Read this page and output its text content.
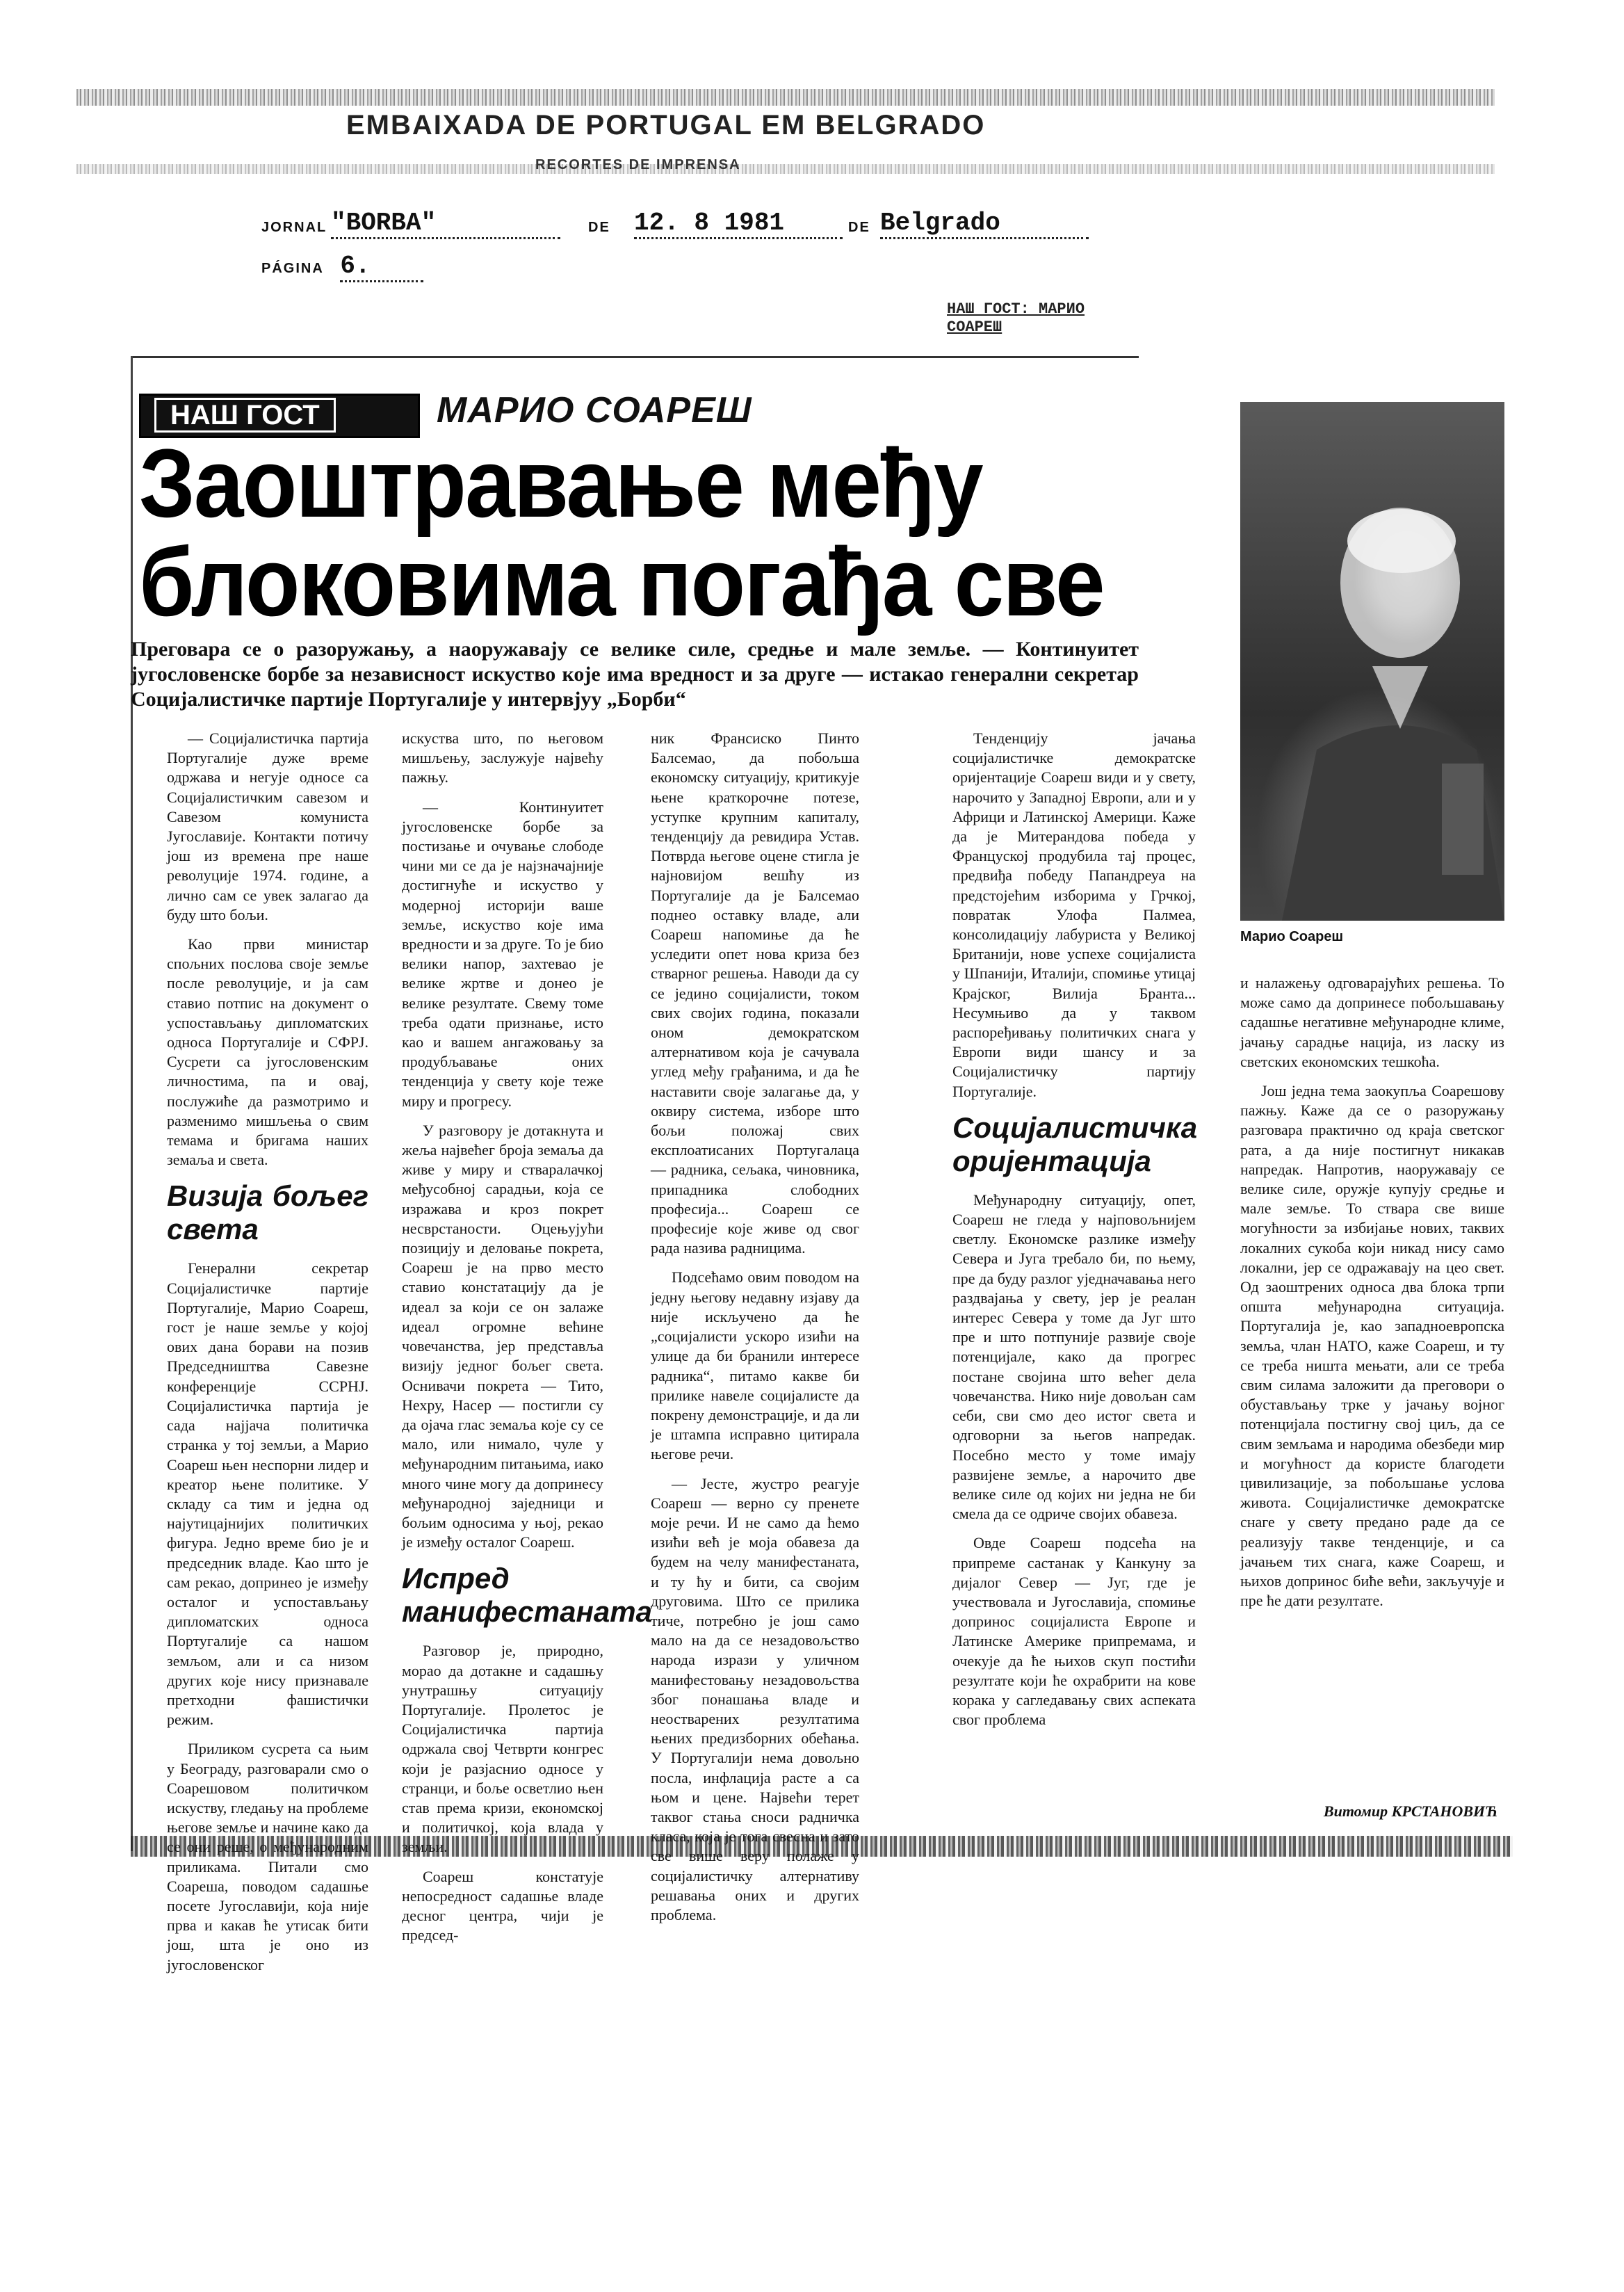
EMBAIXADA DE PORTUGAL EM BELGRADO
RECORTES DE IMPRENSA
JORNAL "BORBA"	DE 12. 8 1981	DE Belgrado
PÁGINA 6.
НАШ ГОСТ: МАРИО СОАРЕШ
НАШ ГОСТ	МАРИО СОАРЕШ
Заоштравање међу
блоковима погађа све
Марио Соареш
Преговара се о разоружању, а наоружавају се велике силе, средње и мале земље. — Континуитет југословенске борбе за независност искуство које има вредност и за друге — истакао генерални секретар Социјалистичке партије Португалије у интервјуу „Борби“

— Социјалистичка партија Португалије дуже време одржава и негује односе са Социјалистичким савезом и Савезом комуниста Југославије. Контакти потичу још из времена пре наше револуције 1974. године, а лично сам се увек залагао да буду што бољи.

Као први министар спољних послова своје земље после револуције, и ја сам ставио потпис на документ о успостављању дипломатских односа Португалије и СФРЈ. Сусрети са југословенским личностима, па и овај, послужиће да размотримо и разменимо мишљења о свим темама и бригама наших земаља и света.

Визија бољег света

Генерални секретар Социјалистичке партије Португалије, Марио Соареш, гост је наше земље у којој ових дана борави на позив Председништва Савезне конференције ССРНЈ. Социјалистичка партија је сада најјача политичка странка у тој земљи, а Марио Соареш њен неспорни лидер и креатор њене политике. У складу са тим и једна од најутицајнијих политичких фигура. Једно време био је и председник владе. Као што је сам рекао, допринео је између осталог и успостављању дипломатских односа Португалије са нашом земљом, али и са низом других које нису признавале претходни фашистички режим.

Приликом сусрета са њим у Београду, разговарали смо о Соарешовом политичком искуству, гледању на проблеме његове земље и начине како да се они реше, о међународним приликама. Питали смо Соареша, поводом садашње посете Југославији, која није прва и какав ће утисак бити још, шта је оно из југословенског

искуства што, по његовом мишљењу, заслужује највећу пажњу.

— Континуитет југословенске борбе за постизање и очување слободе чини ми се да је најзначајније достигнуће и искуство у модерној историји ваше земље, искуство које има вредности и за друге. То је био велики напор, захтевао је велике жртве и донео је велике резултате. Свему томе треба одати признање, исто као и вашем ангажовању за продубљавање оних тенденција у свету које теже миру и прогресу.

У разговору је дотакнута и жеља највећег броја земаља да живе у миру и стваралачкој међусобној сарадњи, која се изражава и кроз покрет несврстаности. Оцењујући позицију и деловање покрета, Соареш је на прво место ставио констатацију да је идеал за који се он залаже идеал огромне већине човечанства, јер представља визију једног бољег света. Оснивачи покрета — Тито, Нехру, Насер — постигли су да ојача глас земаља које су се мало, или нимало, чуле у међународним питањима, иако много чине могу да допринесу међународној заједници и бољим односима у њој, рекао је између осталог Соареш.

Испред манифестаната

Разговор је, природно, морао да дотакне и садашњу унутрашњу ситуацију Португалије. Пролетос је Социјалистичка партија одржала свој Четврти конгрес који је разјаснио односе у странци, и боље осветлио њен став према кризи, економској и политичкој, која влада у земљи.

Соареш констатује непосредност садашње владе десног центра, чији је председ-

ник Франсиско Пинто Балсемао, да побољша економску ситуацију, критикује њене краткорочне потезе, уступке крупним капиталу, тенденцију да ревидира Устав. Потврда његове оцене стигла је најновијом вешћу из Португалије да је Балсемао поднео оставку владе, али Соареш напомиње да ће уследити опет нова криза без стварног решења. Наводи да су се једино социјалисти, током свих својих година, показали оном демократском алтернативом која је сачувала углед међу грађанима, и да ће наставити своје залагање да, у оквиру система, изборе што бољи положај свих експлоатисаних Португалаца — радника, сељака, чиновника, припадника слободних професија... Соареш се професије које живе од свог рада назива радницима.

Подсећамо овим поводом на једну његову недавну изјаву да није искључено да ће „социјалисти ускоро изићи на улице да би бранили интересе радника“, питамо какве би прилике навеле социјалисте да покрену демонстрације, и да ли је штампа исправно цитирала његове речи.

— Јесте, жустро реагује Соареш — верно су пренете моје речи. И не само да ћемо изићи већ је моја обавеза да будем на челу манифестаната, и ту ћу и бити, са својим друговима. Што се прилика тиче, потребно је још само мало на да се незадовољство народа изрази у уличном манифестовању незадовољства због понашања владе и неостварених резултатима њених предизборних обећања. У Португалији нема довољно посла, инфлација расте а са њом и цене. Највећи терет таквог стања сноси радничка класа, која је тога свесна и зато све више веру полаже у социјалистичку алтернативу решавања оних и других проблема.

Тенденцију јачања социјалистичке демократске оријентације Соареш види и у свету, нарочито у Западној Европи, али и у Африци и Латинској Америци. Каже да је Митерандова победа у Француској продубила тај процес, предвиђа победу Папандреуа на предстојећим изборима у Грчкој, повратак Улофа Палмеа, консолидацију лабуриста у Великој Британији, нове успехе социјалиста у Шпанији, Италији, спомиње утицај Крајског, Вилија Бранта... Несумњиво да у таквом распоређивању политичких снага у Европи види шансу и за Социјалистичку партију Португалије.

Социјалистичка оријентација

Међународну ситуацију, опет, Соареш не гледа у најповољнијем светлу. Економске разлике између Севера и Југа требало би, по њему, пре да буду разлог уједначавања него раздвајања у свету, јер је реалан интерес Севера у томе да Југ што пре и што потпуније развије своје потенцијале, како да прогрес постане својина што већег дела човечанства. Нико није довољан сам себи, сви смо део истог света и одговорни за његов напредак. Посебно место у томе имају развијене земље, а нарочито две велике силе од којих ни једна не би смела да се одриче својих обавеза.

Овде Соареш подсећа на припреме састанак у Канкуну за дијалог Север — Југ, где је учествовала и Југославија, спомиње допринос социјалиста Европе и Латинске Америке припремама, и очекује да ће њихов скуп постићи резултате који ће охрабрити на кове корака у сагледавању свих аспеката свог проблема

и налажењу одговарајућих решења. То може само да допринесе побољшавању садашње негативне међународне климе, јачању сарадње нација, из ласку из светских економских тешкоћа.

Још једна тема заокупља Соарешову пажњу. Каже да се о разоружању разговара практично од краја светског рата, а да није постигнут никакав напредак. Напротив, наоружавају се велике силе, оружје купују средње и мале земље. То ствара све више могућности за избијање нових, таквих локалних сукоба који никад нису само локални, јер се одражавају на цео свет. Од заоштрених односа два блока трпи општа међународна ситуација. Португалија је, као западноевропска земља, члан НАТО, каже Соареш, и ту се треба ништа мењати, али се треба свим силама заложити да преговори о обустављању трке у јачању војног потенцијала постигну свој циљ, да се свим земљама и народима обезбеди мир и могућност да користе благодети цивилизације, за побољшање услова живота. Социјалистичке демократске снаге у свету предано раде да се реализују такве тенденције, и са јачањем тих снага, каже Соареш, и њихов допринос биће већи, закључује и пре ће дати резултате.

Витомир КРСТАНОВИЋ
